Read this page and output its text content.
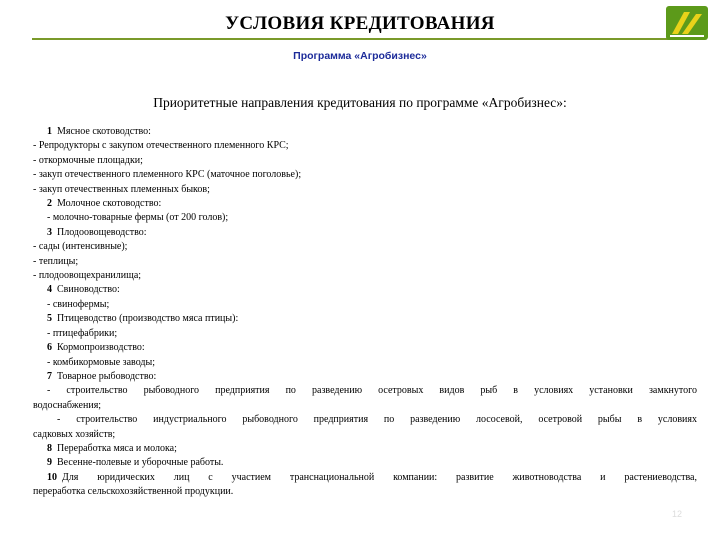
УСЛОВИЯ КРЕДИТОВАНИЯ
Программа «Агробизнес»
Приоритетные направления кредитования по программе «Агробизнес»:
1 Мясное скотоводство:
- Репродукторы с закупом отечественного племенного КРС;
- откормочные площадки;
- закуп отечественного племенного КРС (маточное поголовье);
- закуп отечественных племенных быков;
2 Молочное скотоводство:
- молочно-товарные фермы (от 200 голов);
3 Плодоовощеводство:
- сады (интенсивные);
- теплицы;
- плодоовощехранилища;
4 Свиноводство:
- свинофермы;
5 Птицеводство (производство мяса птицы):
- птицефабрики;
6 Кормопроизводство:
- комбикормовые заводы;
7 Товарное рыбоводство:
- строительство рыбоводного предприятия по разведению осетровых видов рыб в условиях установки замкнутого
водоснабжения;
- строительство индустриального рыбоводного предприятия по разведению лососевой, осетровой рыбы в условиях
садковых хозяйств;
8 Переработка мяса и молока;
9 Весенне-полевые и уборочные работы.
10 Для юридических лиц с участием транснациональной компании: развитие животноводства и растениеводства,
переработка сельскохозяйственной продукции.
12
